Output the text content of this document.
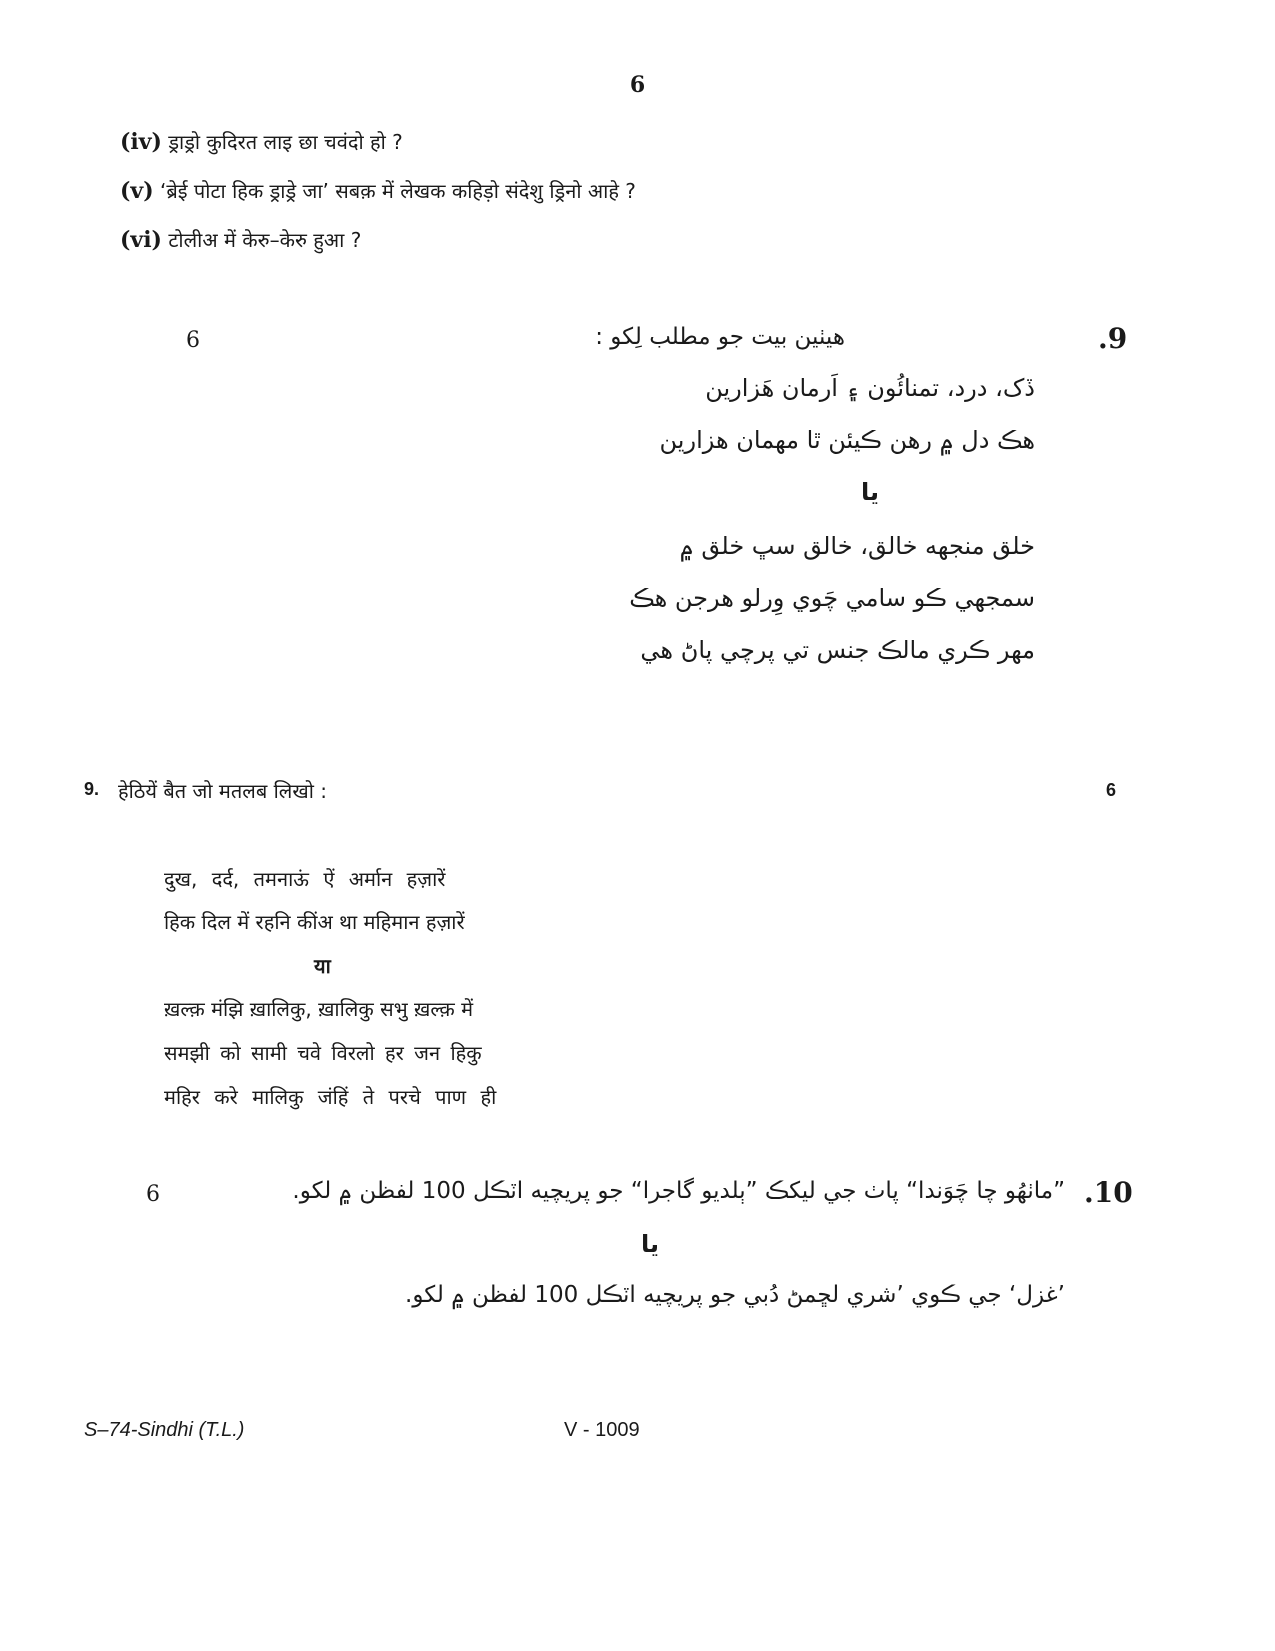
6
(iv) ड्राड्रो कुदिरत लाइ छा चवंदो हो ?
(v) ‘ब्रेई पोटा हिक ड्राड्रे जा’ सबक़ में लेखक कहिड़ो संदेशु ड्रिनो आहे ?
(vi) टोलीअ में केरु–केरु हुआ ?
6	هيٺين بيت جو مطلب لِکو :	.9
ڏک، درد، تمنائُون ۽ اَرمان هَزارين
هڪ دل ۾ رهن ڪيئن ٿا مهمان هزارين
يا
خلق منجهه خالق، خالق سڀ خلق ۾
سمجهي ڪو سامي چَوي وِرلو هرجن هڪ
مهر ڪري مالڪ جنس تي پرچي پاڻ هي
9. हेठियें बैत जो मतलब लिखो :	6
दुख, दर्द, तमनाऊं ऐं अर्मान हज़ारें
हिक दिल में रहनि कींअ था महिमान हज़ारें
या
ख़ल्क़ मंझि ख़ालिकु, ख़ालिकु सभु ख़ल्क़ में
समझी को सामी चवे विरलो हर जन हिकु
महिर करे मालिकु जंहिं ते परचे पाण ही
6	”ماٺهُو چا چَوَندا“ پاٺ جي ليکڪ ”ٻلديو گاجرا“ جو پريچيه اٽڪل 100 لفظن ۾ لکو. .10
يا
’غزل‘ جي ڪوي ’شري لڇمڻ دُبي جو پريچيه اٽڪل 100 لفظن ۾ لکو.
S–74-Sindhi (T.L.)	V - 1009
